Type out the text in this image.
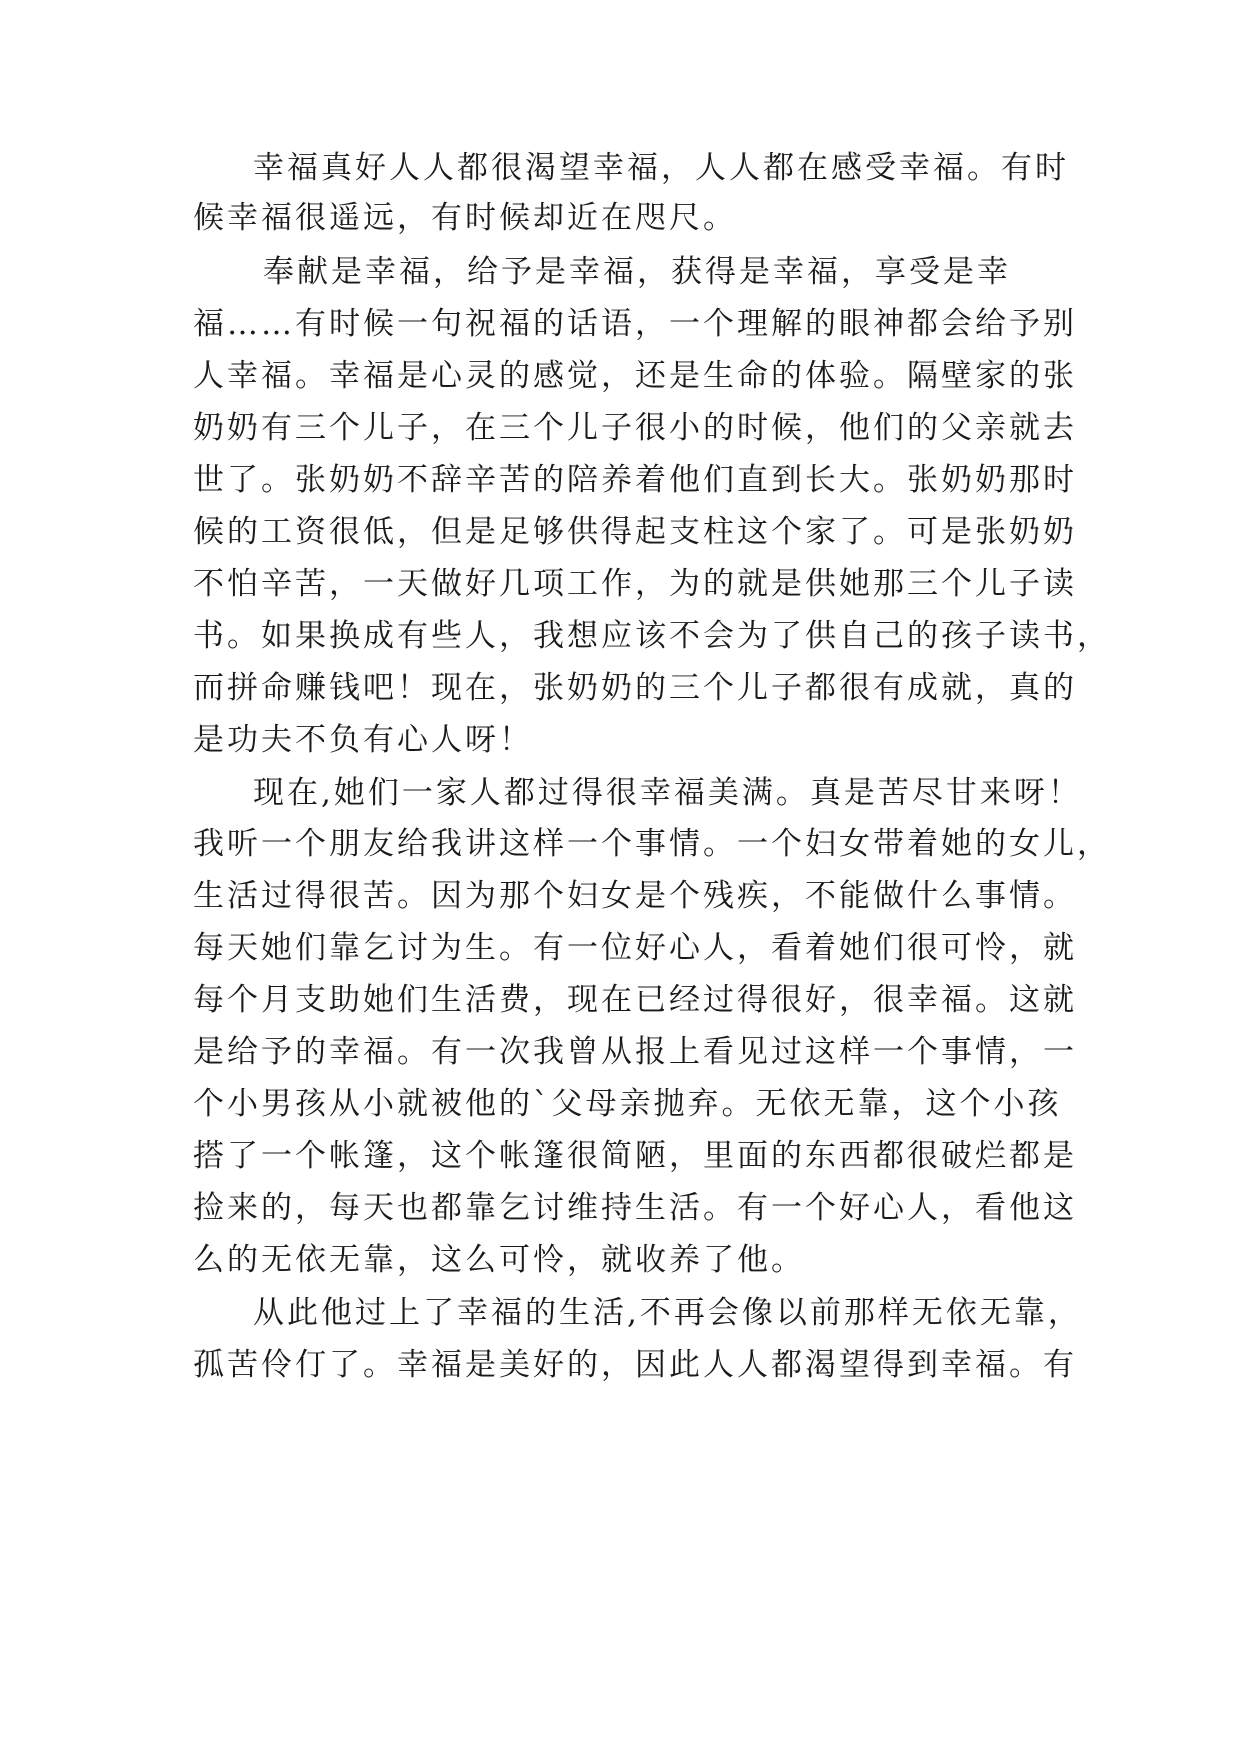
幸福真好人人都很渴望幸福，人人都在感受幸福。有时
候幸福很遥远，有时候却近在咫尺。
奉献是幸福，给予是幸福，获得是幸福，享受是幸
福……有时候一句祝福的话语，一个理解的眼神都会给予别
人幸福。幸福是心灵的感觉，还是生命的体验。隔壁家的张
奶奶有三个儿子，在三个儿子很小的时候，他们的父亲就去
世了。张奶奶不辞辛苦的陪养着他们直到长大。张奶奶那时
候的工资很低，但是足够供得起支柱这个家了。可是张奶奶
不怕辛苦，一天做好几项工作，为的就是供她那三个儿子读
书。如果换成有些人，我想应该不会为了供自己的孩子读书，
而拼命赚钱吧！现在，张奶奶的三个儿子都很有成就，真的
是功夫不负有心人呀！
现在,她们一家人都过得很幸福美满。真是苦尽甘来呀！
我听一个朋友给我讲这样一个事情。一个妇女带着她的女儿，
生活过得很苦。因为那个妇女是个残疾，不能做什么事情。
每天她们靠乞讨为生。有一位好心人，看着她们很可怜，就
每个月支助她们生活费，现在已经过得很好，很幸福。这就
是给予的幸福。有一次我曾从报上看见过这样一个事情，一
个小男孩从小就被他的`父母亲抛弃。无依无靠，这个小孩
搭了一个帐篷，这个帐篷很简陋，里面的东西都很破烂都是
捡来的，每天也都靠乞讨维持生活。有一个好心人，看他这
么的无依无靠，这么可怜，就收养了他。
从此他过上了幸福的生活,不再会像以前那样无依无靠，
孤苦伶仃了。幸福是美好的，因此人人都渴望得到幸福。有
